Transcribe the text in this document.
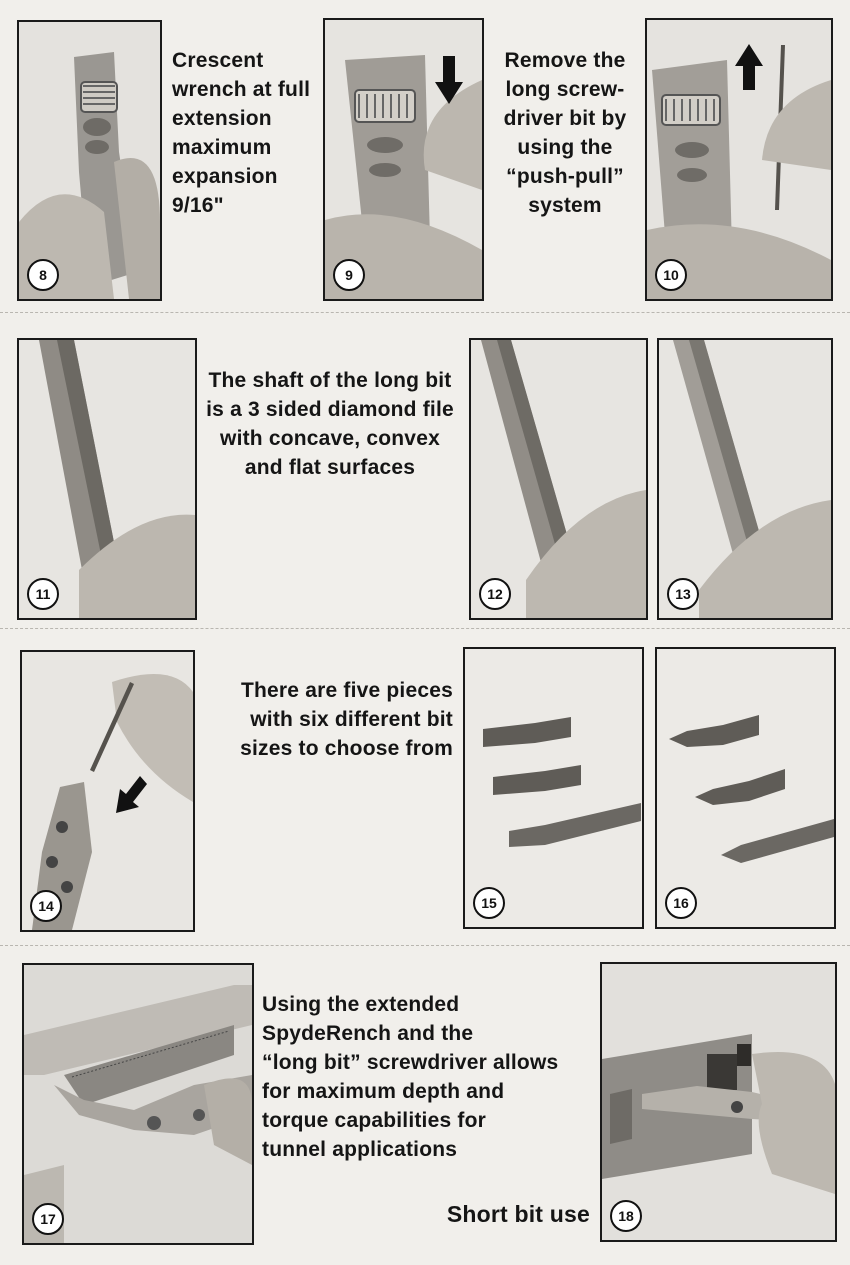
8
Crescent
wrench at full
extension
maximum
expansion
9/16"
9
Remove the
long screw-
driver bit by
using the
“push-pull”
system
10
11
The shaft of the long bit
is a 3 sided diamond file
with concave, convex
and flat surfaces
12	13
14
There are five pieces
with six different bit
sizes to choose from
15	16
17
Using the extended
SpydeRench and the
“long bit” screwdriver allows
for maximum depth and
torque capabilities for
tunnel applications
Short bit use	18
